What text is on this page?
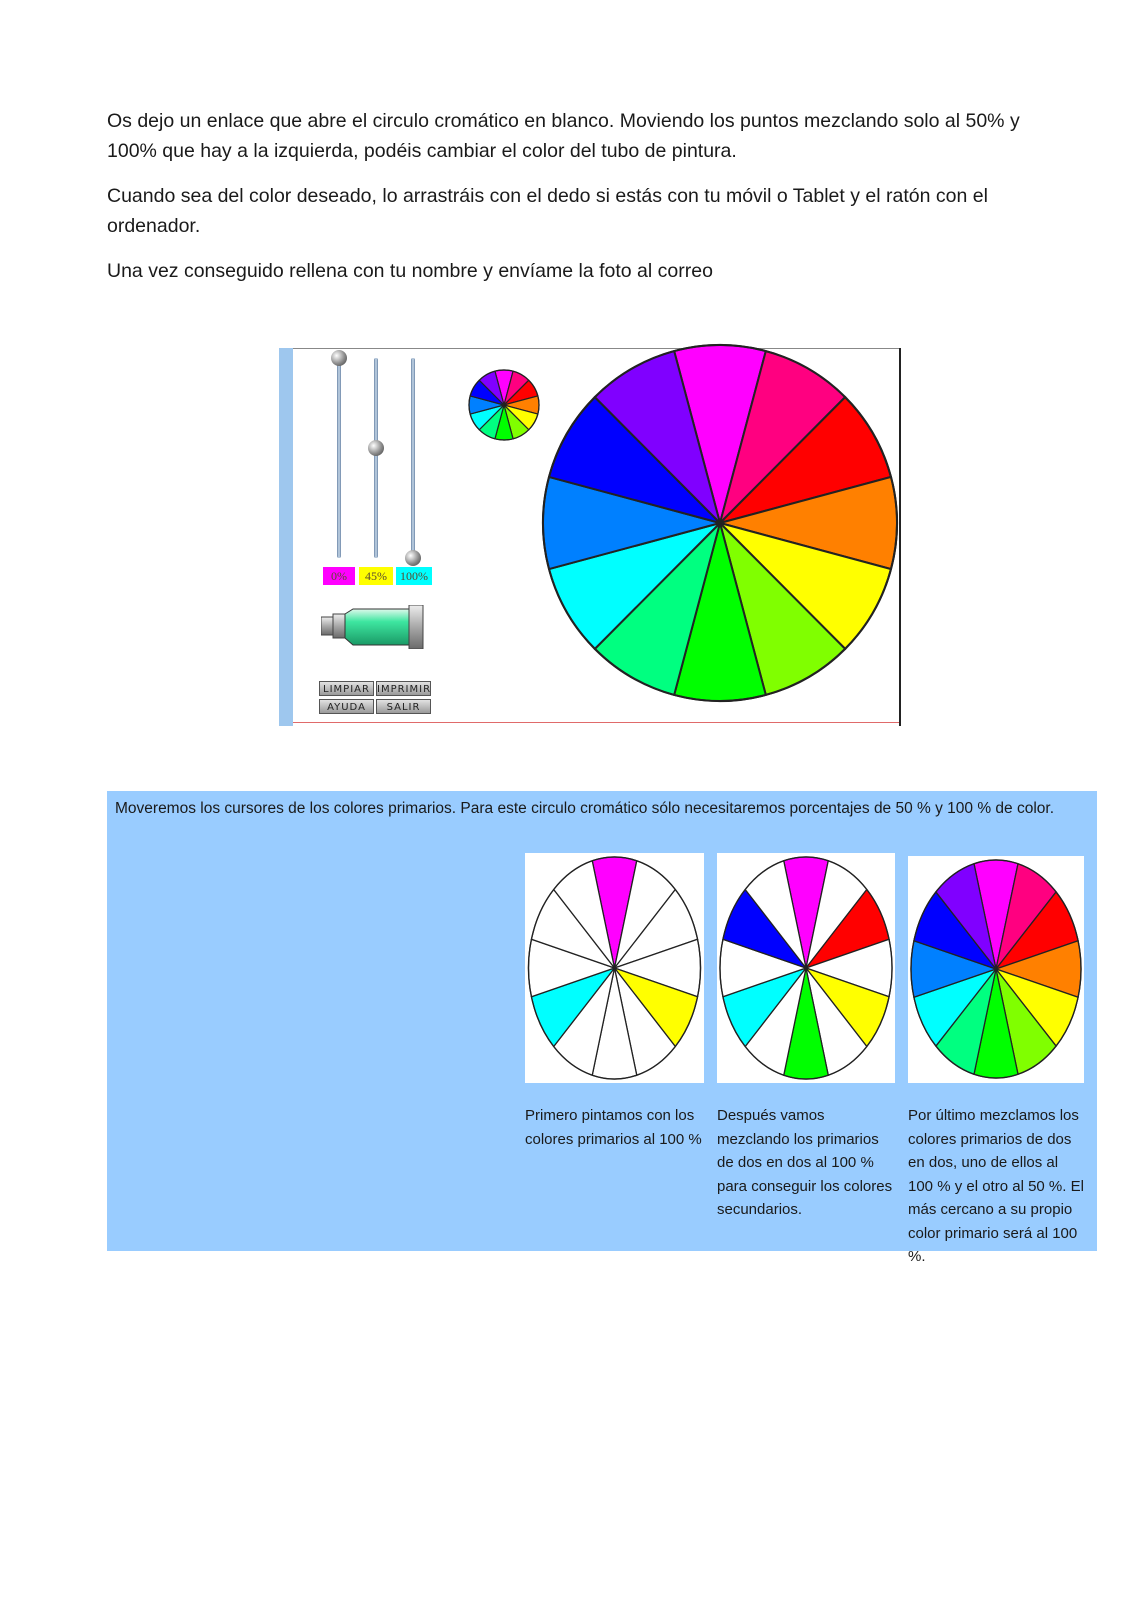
Os dejo un enlace que abre el circulo cromático en blanco. Moviendo los puntos mezclando solo al 50% y 100% que hay a la izquierda, podéis cambiar el color del tubo de pintura.

Cuando sea del color deseado, lo arrastráis con el dedo si estás con tu móvil o Tablet y el ratón con el ordenador.

Una vez conseguido rellena con tu nombre y envíame la foto al correo

0%	45%	100%
LIMPIAR IMPRIMIR
AYUDA	SALIR

Moveremos los cursores de los colores primarios. Para este circulo cromático sólo necesitaremos porcentajes de 50 % y 100 % de color.

Primero pintamos con los colores primarios al 100 %

Después vamos mezclando los primarios de dos en dos al 100 % para conseguir los colores secundarios.

Por último mezclamos los colores primarios de dos en dos, uno de ellos al 100 % y el otro al 50 %. El más cercano a su propio color primario será al 100 %.
